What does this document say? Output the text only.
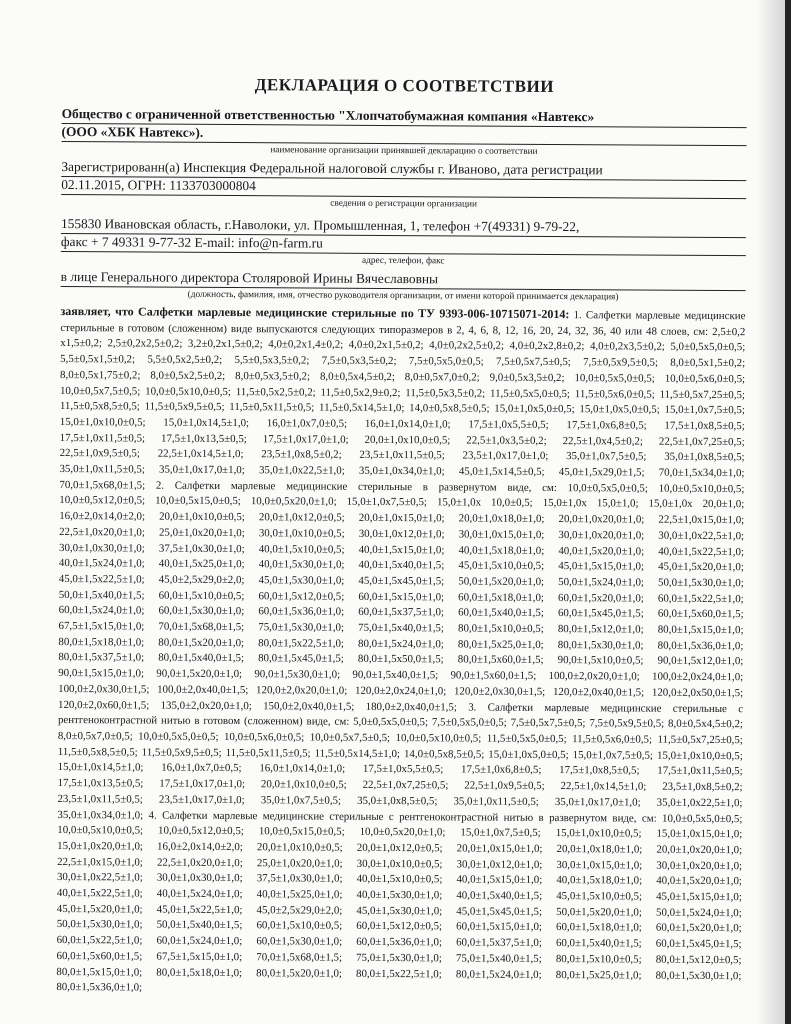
ДЕКЛАРАЦИЯ О СООТВЕТСТВИИ
Общество с ограниченной ответственностью "Хлопчатобумажная компания «Навтекс»
(ООО «ХБК Навтекс»).
наименование организации принявшей декларацию о соответствии
Зарегистрированн(а) Инспекция Федеральной налоговой службы г. Иваново, дата регистрации
02.11.2015, ОГРН: 1133703000804
сведения о регистрации организации
155830 Ивановская область, г.Наволоки, ул. Промышленная, 1, телефон +7(49331) 9-79-22,
факс + 7 49331 9-77-32 E-mail: info@n-farm.ru
адрес, телефон, факс
в лице Генерального директора Столяровой Ирины Вячеславовны
(должность, фамилия, имя, отчество руководителя организации, от имени которой принимается декларация)
заявляет, что Салфетки марлевые медицинские стерильные по ТУ 9393-006-10715071-2014: 1. Салфетки марлевые медицинские стерильные в готовом (сложенном) виде выпускаются следующих типоразмеров в 2, 4, 6, 8, 12, 16, 20, 24, 32, 36, 40 или 48 слоев, см: 2,5±0,2 х1,5±0,2; 2,5±0,2х2,5±0,2; 3,2±0,2х1,5±0,2; 4,0±0,2х1,4±0,2; 4,0±0,2х1,5±0,2; 4,0±0,2х2,5±0,2; 4,0±0,2х2,8±0,2; 4,0±0,2х3,5±0,2; 5,0±0,5х5,0±0,5; 5,5±0,5х1,5±0,2; 5,5±0,5х2,5±0,2; 5,5±0,5х3,5±0,2; 7,5±0,5х3,5±0,2; 7,5±0,5х5,0±0,5; 7,5±0,5х7,5±0,5; 7,5±0,5х9,5±0,5; 8,0±0,5х1,5±0,2; 8,0±0,5х1,75±0,2; 8,0±0,5х2,5±0,2; 8,0±0,5х3,5±0,2; 8,0±0,5х4,5±0,2; 8,0±0,5х7,0±0,2; 9,0±0,5х3,5±0,2; 10,0±0,5х5,0±0,5; 10,0±0,5х6,0±0,5; 10,0±0,5х7,5±0,5; 10,0±0,5х10,0±0,5; 11,5±0,5х2,5±0,2; 11,5±0,5х2,9±0,2; 11,5±0,5х3,5±0,2; 11,5±0,5х5,0±0,5; 11,5±0,5х6,0±0,5; 11,5±0,5х7,25±0,5; 11,5±0,5х8,5±0,5; 11,5±0,5х9,5±0,5; 11,5±0,5х11,5±0,5; 11,5±0,5х14,5±1,0; 14,0±0,5х8,5±0,5; 15,0±1,0х5,0±0,5; 15,0±1,0х5,0±0,5; 15,0±1,0х7,5±0,5; 15,0±1,0х10,0±0,5; 15,0±1,0х14,5±1,0; 16,0±1,0х7,0±0,5; 16,0±1,0х14,0±1,0; 17,5±1,0х5,5±0,5; 17,5±1,0х6,8±0,5; 17,5±1,0х8,5±0,5; 17,5±1,0х11,5±0,5; 17,5±1,0х13,5±0,5; 17,5±1,0х17,0±1,0; 20,0±1,0х10,0±0,5; 22,5±1,0х3,5±0,2; 22,5±1,0х4,5±0,2; 22,5±1,0х7,25±0,5; 22,5±1,0х9,5±0,5; 22,5±1,0х14,5±1,0; 23,5±1,0х8,5±0,2; 23,5±1,0х11,5±0,5; 23,5±1,0х17,0±1,0; 35,0±1,0х7,5±0,5; 35,0±1,0х8,5±0,5; 35,0±1,0х11,5±0,5; 35,0±1,0х17,0±1,0; 35,0±1,0х22,5±1,0; 35,0±1,0х34,0±1,0; 45,0±1,5х14,5±0,5; 45,0±1,5х29,0±1,5; 70,0±1,5х34,0±1,0; 70,0±1,5х68,0±1,5; 2. Салфетки марлевые медицинские стерильные в развернутом виде, см: 10,0±0,5х5,0±0,5; 10,0±0,5х10,0±0,5; 10,0±0,5х12,0±0,5; 10,0±0,5х15,0±0,5; 10,0±0,5х20,0±1,0; 15,0±1,0х7,5±0,5; 15,0±1,0х 10,0±0,5; 15,0±1,0х 15,0±1,0; 15,0±1,0х 20,0±1,0; 16,0±2,0х14,0±2,0; 20,0±1,0х10,0±0,5; 20,0±1,0х12,0±0,5; 20,0±1,0х15,0±1,0; 20,0±1,0х18,0±1,0; 20,0±1,0х20,0±1,0; 22,5±1,0х15,0±1,0; 22,5±1,0х20,0±1,0; 25,0±1,0х20,0±1,0; 30,0±1,0х10,0±0,5; 30,0±1,0х12,0±1,0; 30,0±1,0х15,0±1,0; 30,0±1,0х20,0±1,0; 30,0±1,0х22,5±1,0; 30,0±1,0х30,0±1,0; 37,5±1,0х30,0±1,0; 40,0±1,5х10,0±0,5; 40,0±1,5х15,0±1,0; 40,0±1,5х18,0±1,0; 40,0±1,5х20,0±1,0; 40,0±1,5х22,5±1,0; 40,0±1,5х24,0±1,0; 40,0±1,5х25,0±1,0; 40,0±1,5х30,0±1,0; 40,0±1,5х40,0±1,5; 45,0±1,5х10,0±0,5; 45,0±1,5х15,0±1,0; 45,0±1,5х20,0±1,0; 45,0±1,5х22,5±1,0; 45,0±2,5х29,0±2,0; 45,0±1,5х30,0±1,0; 45,0±1,5х45,0±1,5; 50,0±1,5х20,0±1,0; 50,0±1,5х24,0±1,0; 50,0±1,5х30,0±1,0; 50,0±1,5х40,0±1,5; 60,0±1,5х10,0±0,5; 60,0±1,5х12,0±0,5; 60,0±1,5х15,0±1,0; 60,0±1,5х18,0±1,0; 60,0±1,5х20,0±1,0; 60,0±1,5х22,5±1,0; 60,0±1,5х24,0±1,0; 60,0±1,5х30,0±1,0; 60,0±1,5х36,0±1,0; 60,0±1,5х37,5±1,0; 60,0±1,5х40,0±1,5; 60,0±1,5х45,0±1,5; 60,0±1,5х60,0±1,5; 67,5±1,5х15,0±1,0; 70,0±1,5х68,0±1,5; 75,0±1,5х30,0±1,0; 75,0±1,5х40,0±1,5; 80,0±1,5х10,0±0,5; 80,0±1,5х12,0±1,0; 80,0±1,5х15,0±1,0; 80,0±1,5х18,0±1,0; 80,0±1,5х20,0±1,0; 80,0±1,5х22,5±1,0; 80,0±1,5х24,0±1,0; 80,0±1,5х25,0±1,0; 80,0±1,5х30,0±1,0; 80,0±1,5х36,0±1,0; 80,0±1,5х37,5±1,0; 80,0±1,5х40,0±1,5; 80,0±1,5х45,0±1,5; 80,0±1,5х50,0±1,5; 80,0±1,5х60,0±1,5; 90,0±1,5х10,0±0,5; 90,0±1,5х12,0±1,0; 90,0±1,5х15,0±1,0; 90,0±1,5х20,0±1,0; 90,0±1,5х30,0±1,0; 90,0±1,5х40,0±1,5; 90,0±1,5х60,0±1,5; 100,0±2,0х20,0±1,0; 100,0±2,0х24,0±1,0; 100,0±2,0х30,0±1,5; 100,0±2,0х40,0±1,5; 120,0±2,0х20,0±1,0; 120,0±2,0х24,0±1,0; 120,0±2,0х30,0±1,5; 120,0±2,0х40,0±1,5; 120,0±2,0х50,0±1,5; 120,0±2,0х60,0±1,5; 135,0±2,0х20,0±1,0; 150,0±2,0х40,0±1,5; 180,0±2,0х40,0±1,5; 3. Салфетки марлевые медицинские стерильные с рентгеноконтрастной нитью в готовом (сложенном) виде, см: 5,0±0,5х5,0±0,5; 7,5±0,5х5,0±0,5; 7,5±0,5х7,5±0,5; 7,5±0,5х9,5±0,5; 8,0±0,5х4,5±0,2; 8,0±0,5х7,0±0,5; 10,0±0,5х5,0±0,5; 10,0±0,5х6,0±0,5; 10,0±0,5х7,5±0,5; 10,0±0,5х10,0±0,5; 11,5±0,5х5,0±0,5; 11,5±0,5х6,0±0,5; 11,5±0,5х7,25±0,5; 11,5±0,5х8,5±0,5; 11,5±0,5х9,5±0,5; 11,5±0,5х11,5±0,5; 11,5±0,5х14,5±1,0; 14,0±0,5х8,5±0,5; 15,0±1,0х5,0±0,5; 15,0±1,0х7,5±0,5; 15,0±1,0х10,0±0,5; 15,0±1,0х14,5±1,0; 16,0±1,0х7,0±0,5; 16,0±1,0х14,0±1,0; 17,5±1,0х5,5±0,5; 17,5±1,0х6,8±0,5; 17,5±1,0х8,5±0,5; 17,5±1,0х11,5±0,5; 17,5±1,0х13,5±0,5; 17,5±1,0х17,0±1,0; 20,0±1,0х10,0±0,5; 22,5±1,0х7,25±0,5; 22,5±1,0х9,5±0,5; 22,5±1,0х14,5±1,0; 23,5±1,0х8,5±0,2; 23,5±1,0х11,5±0,5; 23,5±1,0х17,0±1,0; 35,0±1,0х7,5±0,5; 35,0±1,0х8,5±0,5; 35,0±1,0х11,5±0,5; 35,0±1,0х17,0±1,0; 35,0±1,0х22,5±1,0; 35,0±1,0х34,0±1,0; 4. Салфетки марлевые медицинские стерильные с рентгеноконтрастной нитью в развернутом виде, см: 10,0±0,5х5,0±0,5; 10,0±0,5х10,0±0,5; 10,0±0,5х12,0±0,5; 10,0±0,5х15,0±0,5; 10,0±0,5х20,0±1,0; 15,0±1,0х7,5±0,5; 15,0±1,0х10,0±0,5; 15,0±1,0х15,0±1,0; 15,0±1,0х20,0±1,0; 16,0±2,0х14,0±2,0; 20,0±1,0х10,0±0,5; 20,0±1,0х12,0±0,5; 20,0±1,0х15,0±1,0; 20,0±1,0х18,0±1,0; 20,0±1,0х20,0±1,0; 22,5±1,0х15,0±1,0; 22,5±1,0х20,0±1,0; 25,0±1,0х20,0±1,0; 30,0±1,0х10,0±0,5; 30,0±1,0х12,0±1,0; 30,0±1,0х15,0±1,0; 30,0±1,0х20,0±1,0; 30,0±1,0х22,5±1,0; 30,0±1,0х30,0±1,0; 37,5±1,0х30,0±1,0; 40,0±1,5х10,0±0,5; 40,0±1,5х15,0±1,0; 40,0±1,5х18,0±1,0; 40,0±1,5х20,0±1,0; 40,0±1,5х22,5±1,0; 40,0±1,5х24,0±1,0; 40,0±1,5х25,0±1,0; 40,0±1,5х30,0±1,0; 40,0±1,5х40,0±1,5; 45,0±1,5х10,0±0,5; 45,0±1,5х15,0±1,0; 45,0±1,5х20,0±1,0; 45,0±1,5х22,5±1,0; 45,0±2,5х29,0±2,0; 45,0±1,5х30,0±1,0; 45,0±1,5х45,0±1,5; 50,0±1,5х20,0±1,0; 50,0±1,5х24,0±1,0; 50,0±1,5х30,0±1,0; 50,0±1,5х40,0±1,5; 60,0±1,5х10,0±0,5; 60,0±1,5х12,0±0,5; 60,0±1,5х15,0±1,0; 60,0±1,5х18,0±1,0; 60,0±1,5х20,0±1,0; 60,0±1,5х22,5±1,0; 60,0±1,5х24,0±1,0; 60,0±1,5х30,0±1,0; 60,0±1,5х36,0±1,0; 60,0±1,5х37,5±1,0; 60,0±1,5х40,0±1,5; 60,0±1,5х45,0±1,5; 60,0±1,5х60,0±1,5; 67,5±1,5х15,0±1,0; 70,0±1,5х68,0±1,5; 75,0±1,5х30,0±1,0; 75,0±1,5х40,0±1,5; 80,0±1,5х10,0±0,5; 80,0±1,5х12,0±0,5; 80,0±1,5х15,0±1,0; 80,0±1,5х18,0±1,0; 80,0±1,5х20,0±1,0; 80,0±1,5х22,5±1,0; 80,0±1,5х24,0±1,0; 80,0±1,5х25,0±1,0; 80,0±1,5х30,0±1,0; 80,0±1,5х36,0±1,0;
